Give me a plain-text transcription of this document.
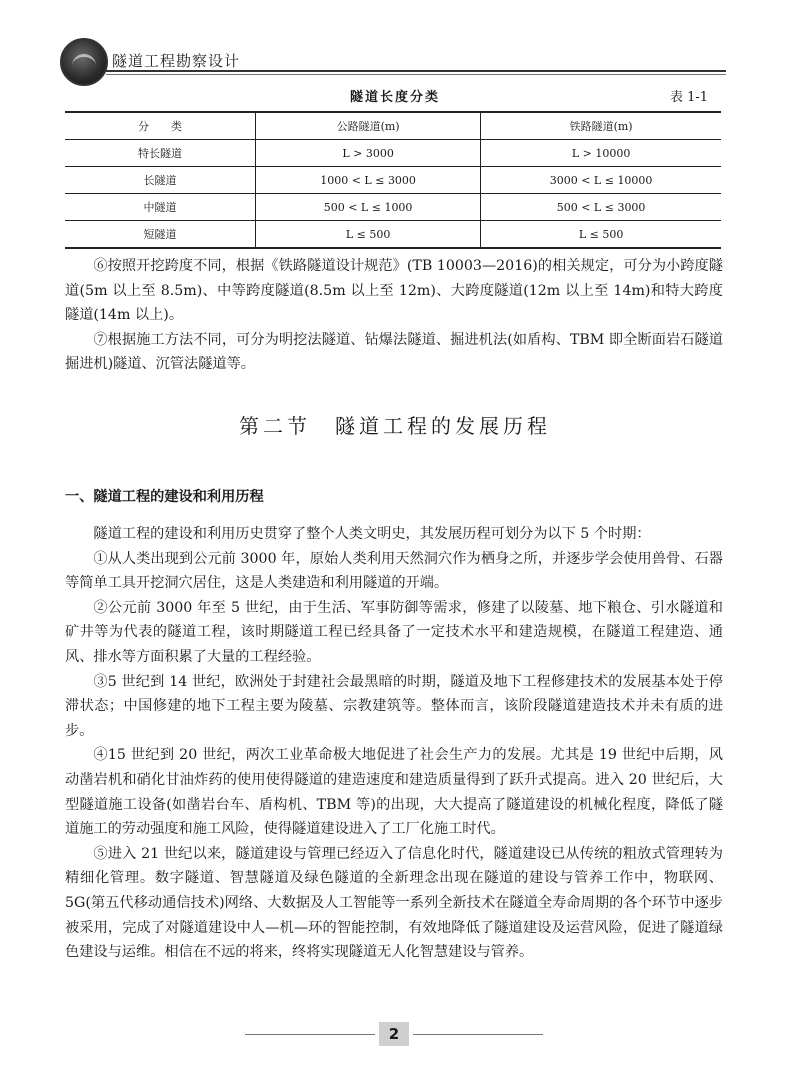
隧道工程勘察设计
隧道长度分类	表 1-1
分　　类	公路隧道(m)	铁路隧道(m)
特长隧道	L > 3000	L > 10000
长隧道	1000 < L ≤ 3000	3000 < L ≤ 10000
中隧道	500 < L ≤ 1000	500 < L ≤ 3000
短隧道	L ≤ 500	L ≤ 500

⑥按照开挖跨度不同，根据《铁路隧道设计规范》(TB 10003—2016)的相关规定，可分为小跨度隧道(5m 以上至 8.5m)、中等跨度隧道(8.5m 以上至 12m)、大跨度隧道(12m 以上至 14m)和特大跨度隧道(14m 以上)。

⑦根据施工方法不同，可分为明挖法隧道、钻爆法隧道、掘进机法(如盾构、TBM 即全断面岩石隧道掘进机)隧道、沉管法隧道等。

第二节　隧道工程的发展历程
一、隧道工程的建设和利用历程

隧道工程的建设和利用历史贯穿了整个人类文明史，其发展历程可划分为以下 5 个时期：

①从人类出现到公元前 3000 年，原始人类利用天然洞穴作为栖身之所，并逐步学会使用兽骨、石器等简单工具开挖洞穴居住，这是人类建造和利用隧道的开端。

②公元前 3000 年至 5 世纪，由于生活、军事防御等需求，修建了以陵墓、地下粮仓、引水隧道和矿井等为代表的隧道工程，该时期隧道工程已经具备了一定技术水平和建造规模，在隧道工程建造、通风、排水等方面积累了大量的工程经验。

③5 世纪到 14 世纪，欧洲处于封建社会最黑暗的时期，隧道及地下工程修建技术的发展基本处于停滞状态；中国修建的地下工程主要为陵墓、宗教建筑等。整体而言，该阶段隧道建造技术并未有质的进步。

④15 世纪到 20 世纪，两次工业革命极大地促进了社会生产力的发展。尤其是 19 世纪中后期，风动凿岩机和硝化甘油炸药的使用使得隧道的建造速度和建造质量得到了跃升式提高。进入 20 世纪后，大型隧道施工设备(如凿岩台车、盾构机、TBM 等)的出现，大大提高了隧道建设的机械化程度，降低了隧道施工的劳动强度和施工风险，使得隧道建设进入了工厂化施工时代。

⑤进入 21 世纪以来，隧道建设与管理已经迈入了信息化时代，隧道建设已从传统的粗放式管理转为精细化管理。数字隧道、智慧隧道及绿色隧道的全新理念出现在隧道的建设与管养工作中，物联网、5G(第五代移动通信技术)网络、大数据及人工智能等一系列全新技术在隧道全寿命周期的各个环节中逐步被采用，完成了对隧道建设中人—机—环的智能控制，有效地降低了隧道建设及运营风险，促进了隧道绿色建设与运维。相信在不远的将来，终将实现隧道无人化智慧建设与管养。

2
